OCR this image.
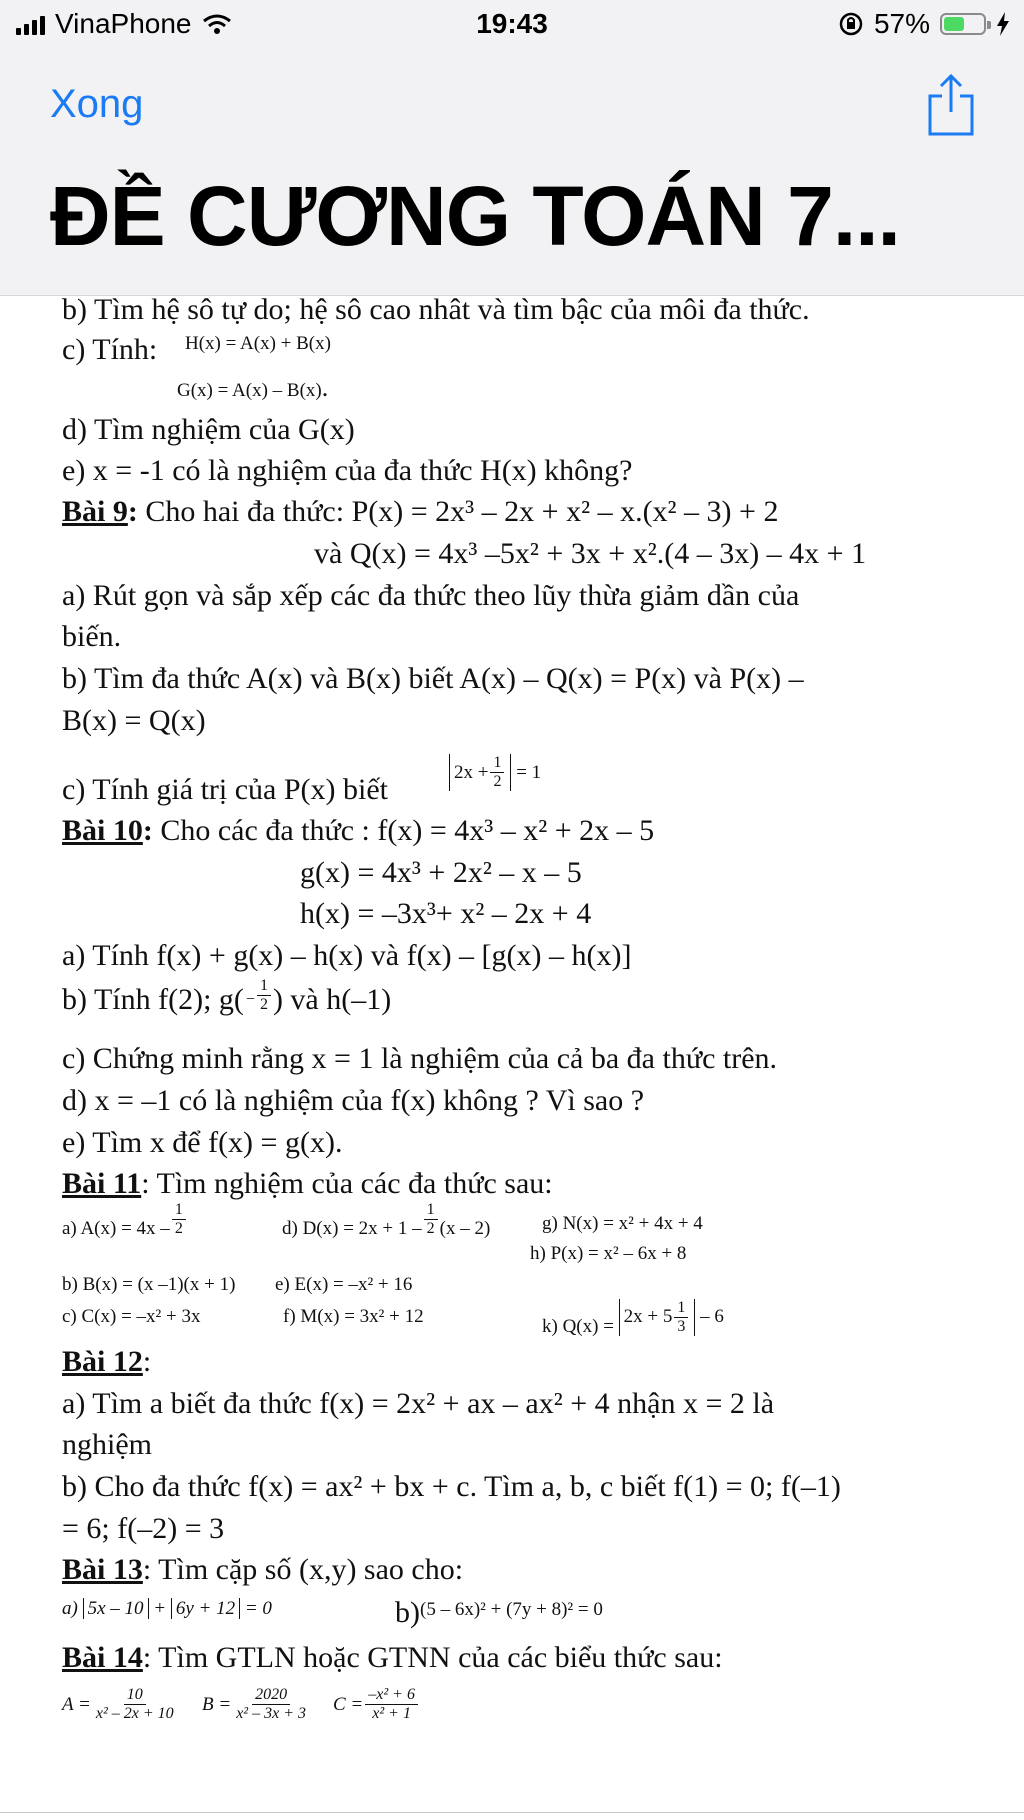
VinaPhone	19:43	57%
Xong
ĐỀ CƯƠNG TOÁN 7...
b) Tìm hệ sô tự do; hệ sô cao nhât và tìm bậc của môi đa thức.
c) Tính: H(x) = A(x) + B(x)
G(x) = A(x) – B(x).
d) Tìm nghiệm của G(x)
e) x = -1 có là nghiệm của đa thức H(x) không?
Bài 9: Cho hai đa thức: P(x) = 2x³ – 2x + x² – x.(x² – 3) + 2
và Q(x) = 4x³ –5x² + 3x + x².(4 – 3x) – 4x + 1
a) Rút gọn và sắp xếp các đa thức theo lũy thừa giảm dần của
biến.
b) Tìm đa thức A(x) và B(x) biết A(x) – Q(x) = P(x) và P(x) –
B(x) = Q(x)
c) Tính giá trị của P(x) biết
$2x + \frac{1}{2}$
= 1
Bài 10: Cho các đa thức : f(x) = 4x³ – x² + 2x – 5
g(x) = 4x³ + 2x² – x – 5
h(x) = –3x³+ x² – 2x + 4
a) Tính f(x) + g(x) – h(x) và f(x) – [g(x) – h(x)]
b) Tính f(2); $g( - \frac{1}{2}$ ) và h(–1)
c) Chứng minh rằng x = 1 là nghiệm của cả ba đa thức trên.
d) x = –1 có là nghiệm của f(x) không ? Vì sao ?
e) Tìm x để f(x) = g(x).
Bài 11: Tìm nghiệm của các đa thức sau:
a) $A(x) = 4x - \frac{1}{2}$	d) $D(x) = 2x + 1 - \frac{1}{2} (x - 2)$	g) N(x) = x² + 4x + 4
h) P(x) = x² – 6x + 8
b) B(x) = (x –1)(x + 1) e) E(x) = –x² + 16
c) C(x) = –x² + 3x	f) M(x) = 3x² + 12	k) Q(x) =
$2x + 5 \frac{1}{3}$
– 6
Bài 12:
a) Tìm a biết đa thức f(x) = 2x² + ax – ax² + 4 nhận x = 2 là
nghiệm
b) Cho đa thức f(x) = ax² + bx + c. Tìm a, b, c biết f(1) = 0; f(–1)
= 6; f(–2) = 3
Bài 13: Tìm cặp số (x,y) sao cho:
a) 5x – 10 + 6y + 12 = 0	b) (5 – 6x)² + (7y + 8)² = 0
Bài 14: Tìm GTLN hoặc GTNN của các biểu thức sau:
$A = \frac{10}{\text{x² – 2x + 10}}$ $B = \frac{2020}{\text{x² – 3x + 3}}$ $C = \frac{\text{–x² + 6}}{\text{x² + 1}}$
